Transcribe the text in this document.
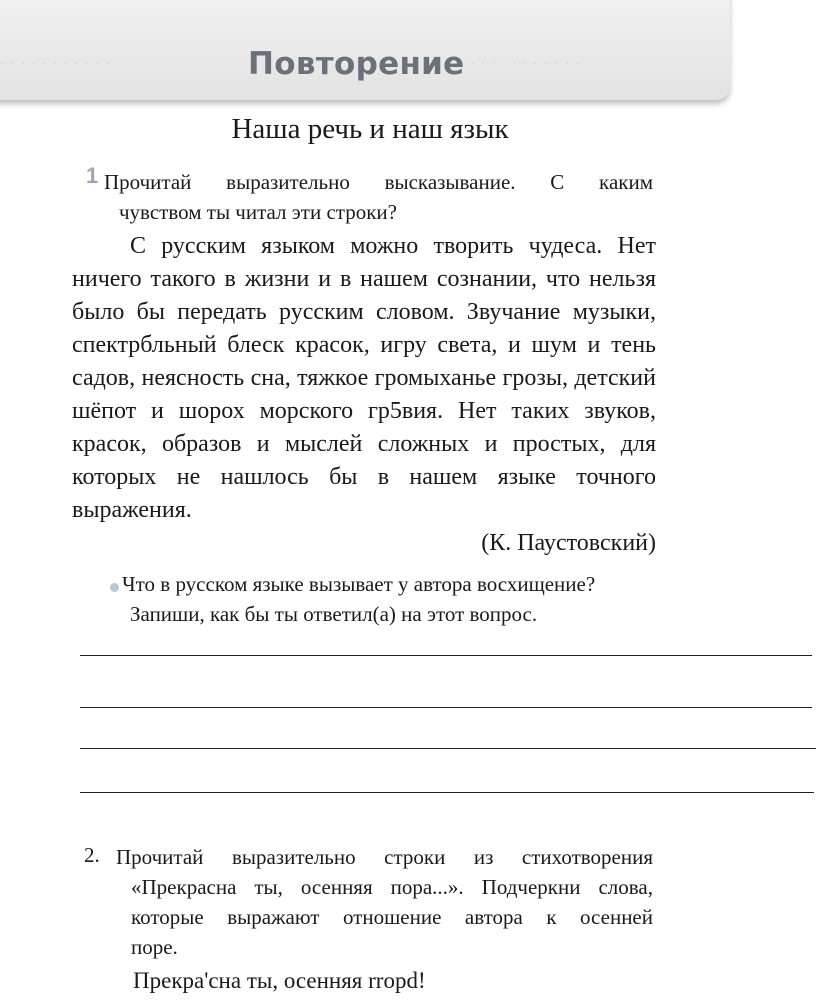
· · · · · · · · · · ·	· · · · · · · · · · ·
Повторение
Наша речь и наш язык
1 Прочитай выразительно высказывание. С каким
чувством ты читал эти строки?

С русским языком можно творить чудеса. Нет ничего такого в жизни и в нашем сознании, что нельзя было бы передать русским словом. Звучание музыки, спектрбльный блеск красок, игру света, и шум и тень садов, неясность сна, тяжкое громыханье грозы, детский шёпот и шорох морского гр5вия. Нет таких звуков, красок, образов и мыслей сложных и простых, для которых не нашлось бы в нашем языке точного выражения.

(К. Паустовский)
Что в русском языке вызывает у автора восхищение?
Запиши, как бы ты ответил(а) на этот вопрос.
2. Прочитай выразительно строки из стихотворения
«Прекрасна ты, осенняя пора...». Подчеркни слова,
которые выражают отношение автора к осенней
поре.
Прекра'сна ты, осенняя rropd!
